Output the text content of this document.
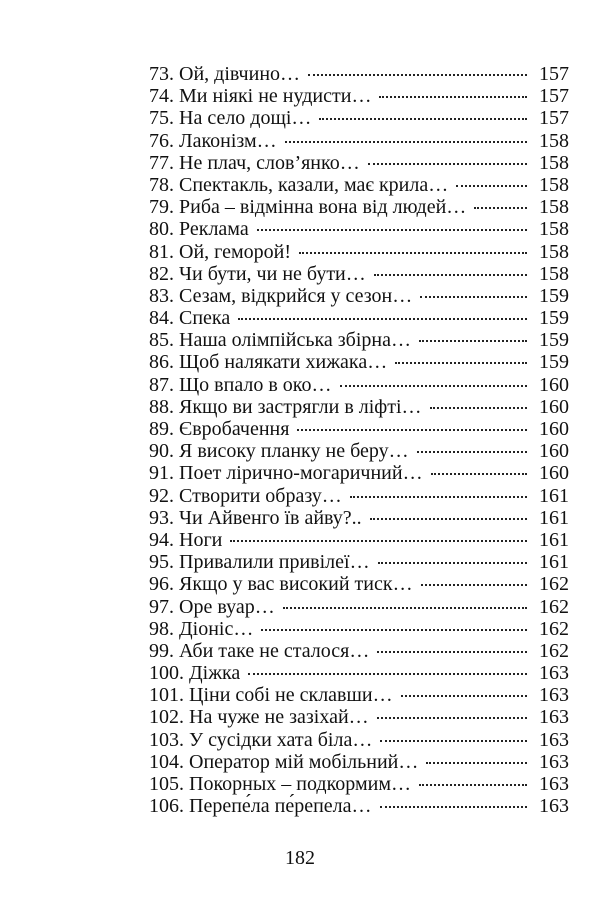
73. Ой, дівчино…	157
74. Ми ніякі не нудисти…	157
75. На село дощі…	157
76. Лаконізм…	158
77. Не плач, слов’янко…	158
78. Спектакль, казали, має крила…	158
79. Риба – відмінна вона від людей…	158
80. Реклама	158
81. Ой, геморой!	158
82. Чи бути, чи не бути…	158
83. Сезам, відкрийся у сезон…	159
84. Спека	159
85. Наша олімпійська збірна…	159
86. Щоб налякати хижака…	159
87. Що впало в око…	160
88. Якщо ви застрягли в ліфті…	160
89. Євробачення	160
90. Я високу планку не беру…	160
91. Поет лірично-могаричний…	160
92. Створити образу…	161
93. Чи Айвенго їв айву?..	161
94. Ноги	161
95. Привалили привілеї…	161
96. Якщо у вас високий тиск…	162
97. Оре вуар…	162
98. Діоніс…	162
99. Аби таке не сталося…	162
100. Діжка	163
101. Ціни собі не склавши…	163
102. На чуже не зазіхай…	163
103. У сусідки хата біла…	163
104. Оператор мій мобільний…	163
105. Покорных – подкормим…	163
106. Перепе́ла пе́репела…	163
182
